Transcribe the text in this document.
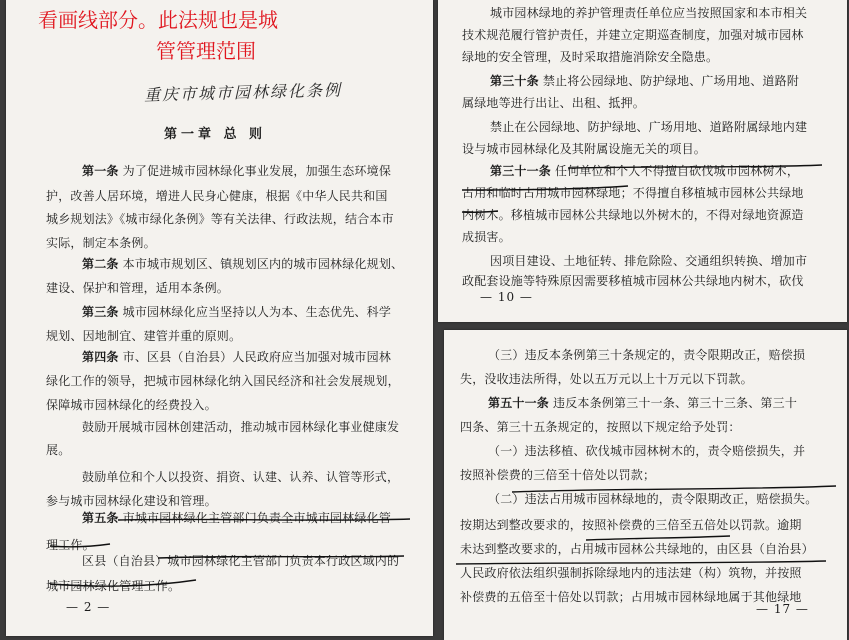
看画线部分。此法规也是城
管管理范围
重庆市城市园林绿化条例
第一章 总 则
第一条 为了促进城市园林绿化事业发展，加强生态环境保
护，改善人居环境，增进人民身心健康，根据《中华人民共和国
城乡规划法》《城市绿化条例》等有关法律、行政法规，结合本市
实际，制定本条例。
第二条 本市城市规划区、镇规划区内的城市园林绿化规划、
建设、保护和管理，适用本条例。
第三条 城市园林绿化应当坚持以人为本、生态优先、科学
规划、因地制宜、建管并重的原则。
第四条 市、区县（自治县）人民政府应当加强对城市园林
绿化工作的领导，把城市园林绿化纳入国民经济和社会发展规划，
保障城市园林绿化的经费投入。
鼓励开展城市园林创建活动，推动城市园林绿化事业健康发
展。
鼓励单位和个人以投资、捐资、认建、认养、认管等形式，
参与城市园林绿化建设和管理。
第五条 市城市园林绿化主管部门负责全市城市园林绿化管
理工作。
区县（自治县）城市园林绿化主管部门负责本行政区域内的
城市园林绿化管理工作。
— 2 —
城市园林绿地的养护管理责任单位应当按照国家和本市相关
技术规范履行管护责任，并建立定期巡查制度，加强对城市园林
绿地的安全管理，及时采取措施消除安全隐患。
第三十条 禁止将公园绿地、防护绿地、广场用地、道路附
属绿地等进行出让、出租、抵押。
禁止在公园绿地、防护绿地、广场用地、道路附属绿地内建
设与城市园林绿化及其附属设施无关的项目。
第三十一条 任何单位和个人不得擅自砍伐城市园林树木，
占用和临时占用城市园林绿地；不得擅自移植城市园林公共绿地
内树木。移植城市园林公共绿地以外树木的，不得对绿地资源造
成损害。
因项目建设、土地征转、排危除险、交通组织转换、增加市
政配套设施等特殊原因需要移植城市园林公共绿地内树木，砍伐
— 10 —
（三）违反本条例第三十条规定的，责令限期改正，赔偿损
失，没收违法所得，处以五万元以上十万元以下罚款。
第五十一条 违反本条例第三十一条、第三十三条、第三十
四条、第三十五条规定的，按照以下规定给予处罚：
（一）违法移植、砍伐城市园林树木的，责令赔偿损失，并
按照补偿费的三倍至十倍处以罚款；
（二）违法占用城市园林绿地的，责令限期改正，赔偿损失。
按期达到整改要求的，按照补偿费的三倍至五倍处以罚款。逾期
未达到整改要求的，占用城市园林公共绿地的，由区县（自治县）
人民政府依法组织强制拆除绿地内的违法建（构）筑物，并按照
补偿费的五倍至十倍处以罚款；占用城市园林绿地属于其他绿地
— 17 —
